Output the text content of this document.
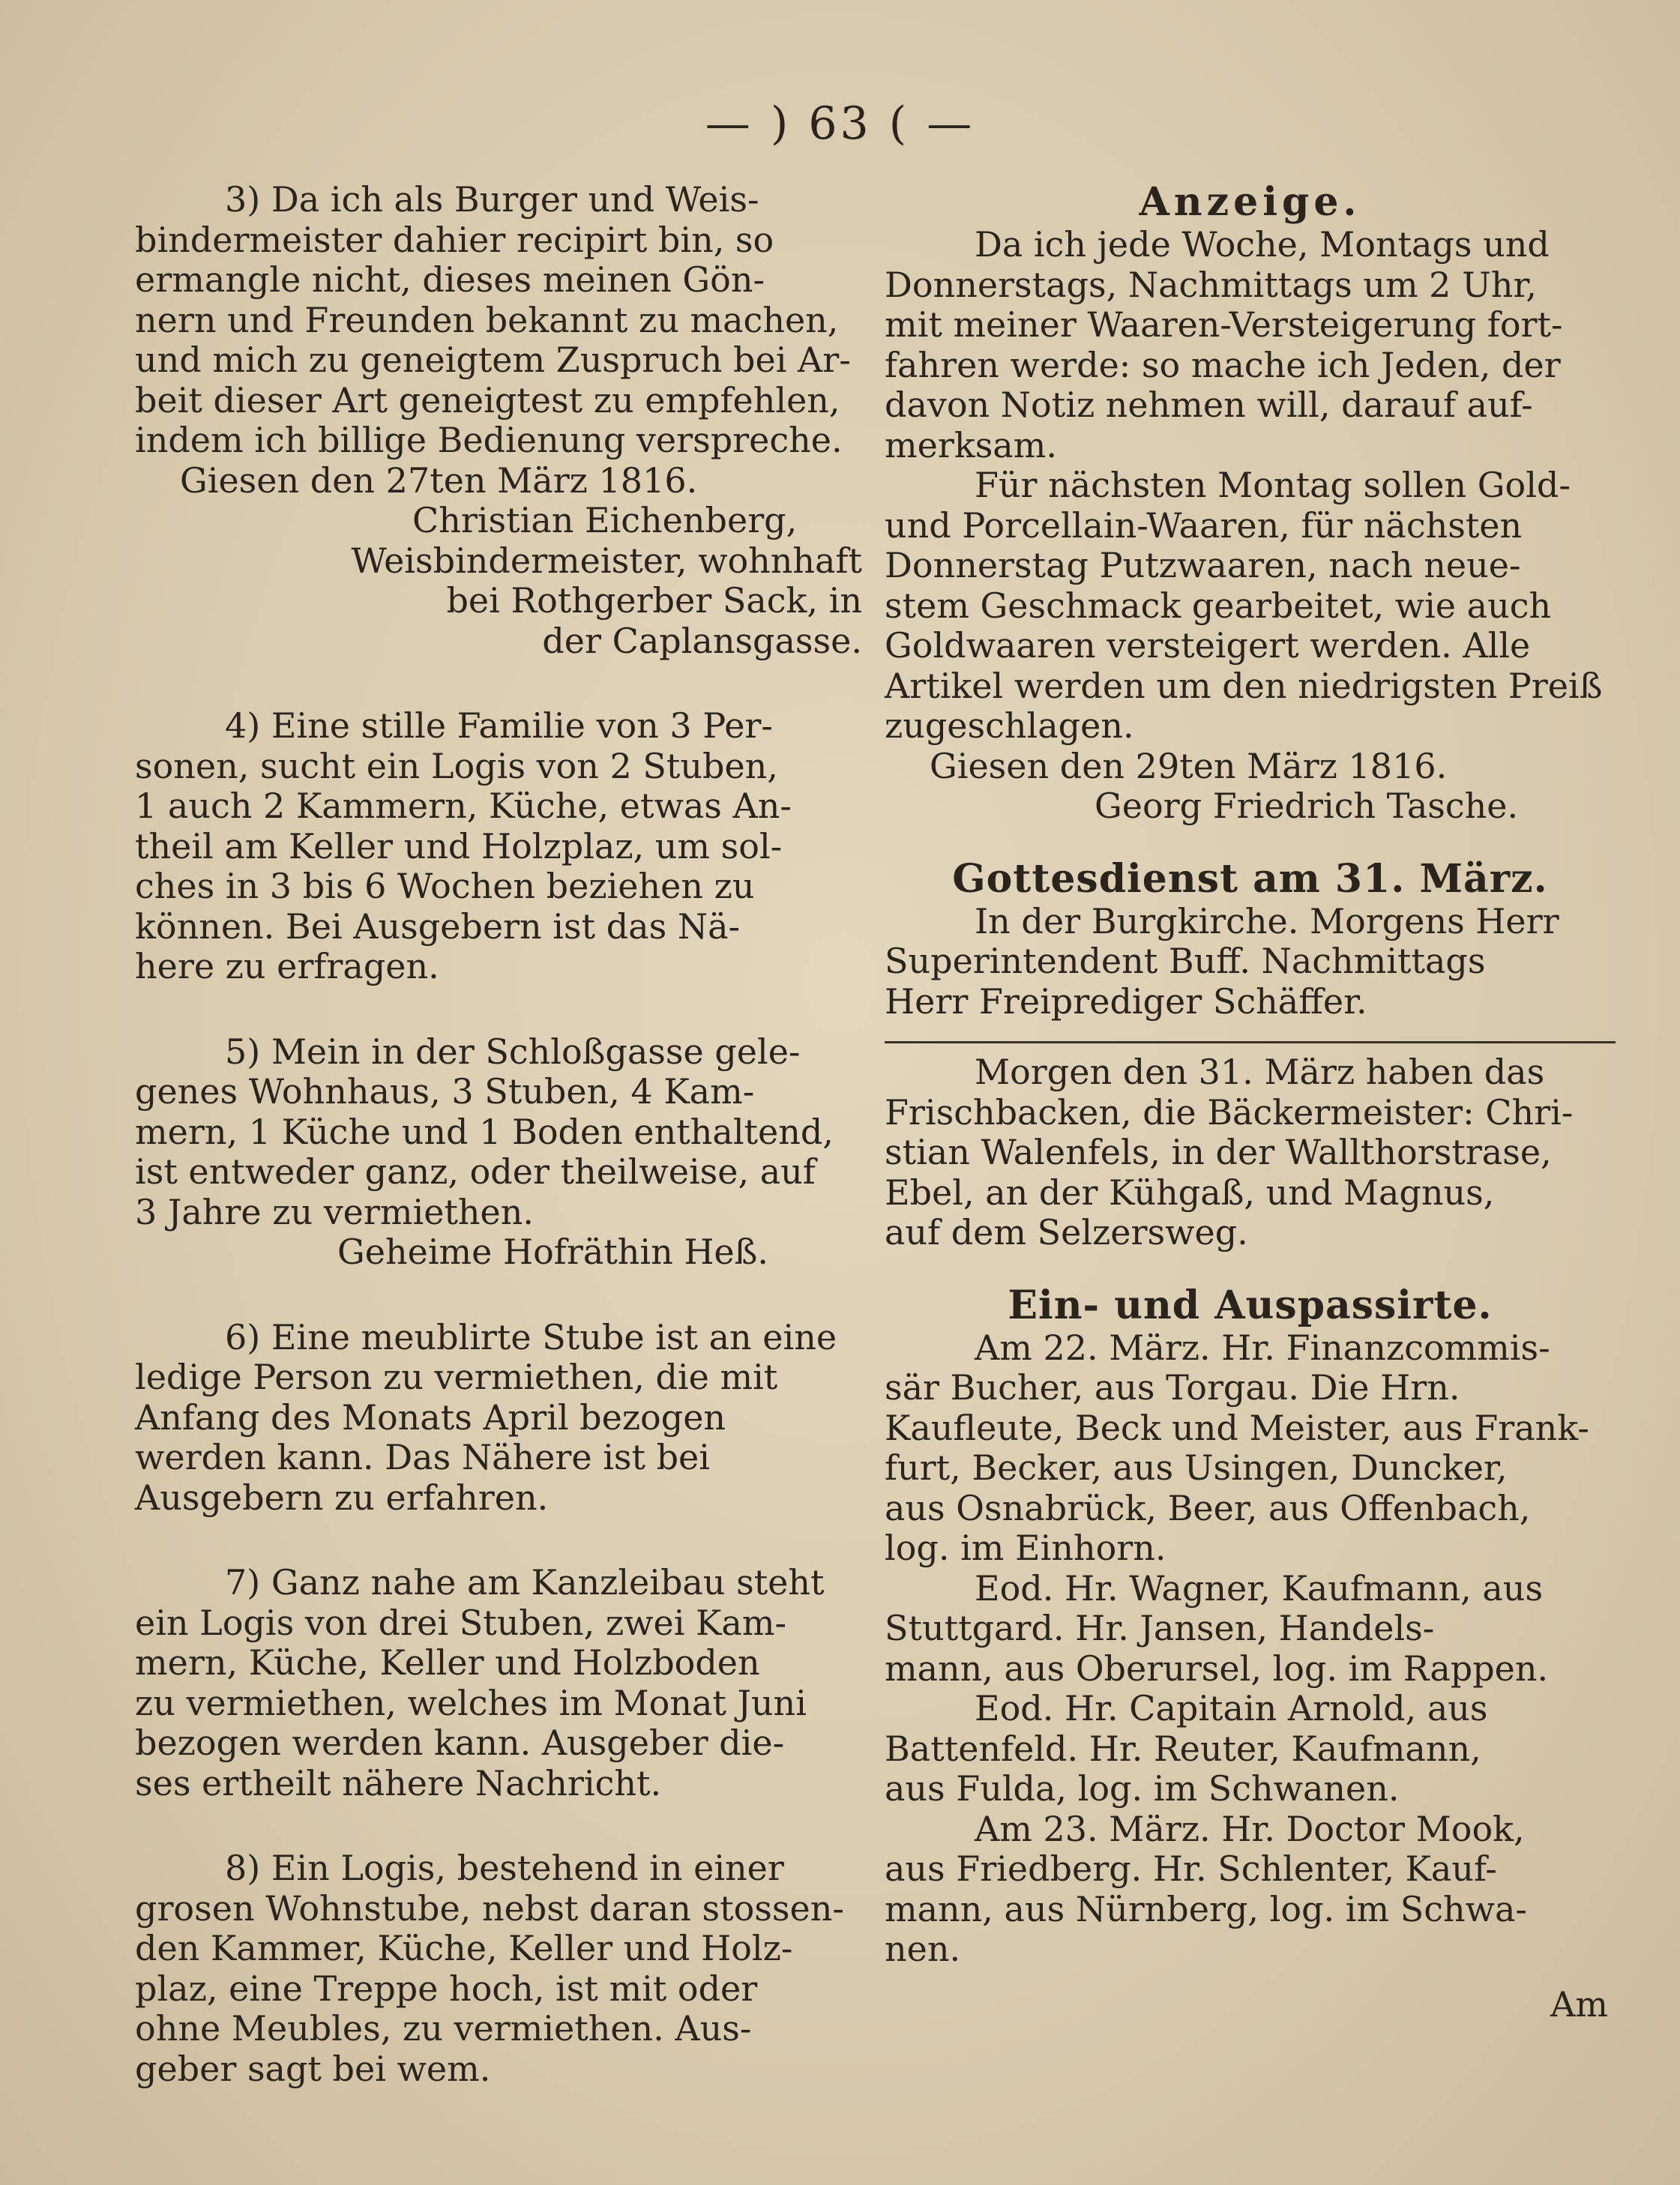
— ) 63 ( —

3) Da ich als Burger und Weis-
bindermeister dahier recipirt bin, so
ermangle nicht, dieses meinen Gön-
nern und Freunden bekannt zu machen,
und mich zu geneigtem Zuspruch bei Ar-
beit dieser Art geneigtest zu empfehlen,
indem ich billige Bedienung verspreche.

Giesen den 27ten März 1816.

Christian Eichenberg,

Weisbindermeister, wohnhaft
bei Rothgerber Sack, in
der Caplansgasse.

4) Eine stille Familie von 3 Per-
sonen, sucht ein Logis von 2 Stuben,
1 auch 2 Kammern, Küche, etwas An-
theil am Keller und Holzplaz, um sol-
ches in 3 bis 6 Wochen beziehen zu
können. Bei Ausgebern ist das Nä-
here zu erfragen.

5) Mein in der Schloßgasse gele-
genes Wohnhaus, 3 Stuben, 4 Kam-
mern, 1 Küche und 1 Boden enthaltend,
ist entweder ganz, oder theilweise, auf
3 Jahre zu vermiethen.

Geheime Hofräthin Heß.

6) Eine meublirte Stube ist an eine
ledige Person zu vermiethen, die mit
Anfang des Monats April bezogen
werden kann. Das Nähere ist bei
Ausgebern zu erfahren.

7) Ganz nahe am Kanzleibau steht
ein Logis von drei Stuben, zwei Kam-
mern, Küche, Keller und Holzboden
zu vermiethen, welches im Monat Juni
bezogen werden kann. Ausgeber die-
ses ertheilt nähere Nachricht.

8) Ein Logis, bestehend in einer
grosen Wohnstube, nebst daran stossen-
den Kammer, Küche, Keller und Holz-
plaz, eine Treppe hoch, ist mit oder
ohne Meubles, zu vermiethen. Aus-
geber sagt bei wem.

Anzeige.

Da ich jede Woche, Montags und
Donnerstags, Nachmittags um 2 Uhr,
mit meiner Waaren-Versteigerung fort-
fahren werde: so mache ich Jeden, der
davon Notiz nehmen will, darauf auf-
merksam.

Für nächsten Montag sollen Gold-
und Porcellain-Waaren, für nächsten
Donnerstag Putzwaaren, nach neue-
stem Geschmack gearbeitet, wie auch
Goldwaaren versteigert werden. Alle
Artikel werden um den niedrigsten Preiß
zugeschlagen.

Giesen den 29ten März 1816.

Georg Friedrich Tasche.

Gottesdienst am 31. März.

In der Burgkirche. Morgens Herr
Superintendent Buff. Nachmittags
Herr Freiprediger Schäffer.

Morgen den 31. März haben das
Frischbacken, die Bäckermeister: Chri-
stian Walenfels, in der Wallthorstrase,
Ebel, an der Kühgaß, und Magnus,
auf dem Selzersweg.

Ein- und Auspassirte.

Am 22. März. Hr. Finanzcommis-
sär Bucher, aus Torgau. Die Hrn.
Kaufleute, Beck und Meister, aus Frank-
furt, Becker, aus Usingen, Duncker,
aus Osnabrück, Beer, aus Offenbach,
log. im Einhorn.

Eod. Hr. Wagner, Kaufmann, aus
Stuttgard. Hr. Jansen, Handels-
mann, aus Oberursel, log. im Rappen.

Eod. Hr. Capitain Arnold, aus
Battenfeld. Hr. Reuter, Kaufmann,
aus Fulda, log. im Schwanen.

Am 23. März. Hr. Doctor Mook,
aus Friedberg. Hr. Schlenter, Kauf-
mann, aus Nürnberg, log. im Schwa-
nen.

Am
